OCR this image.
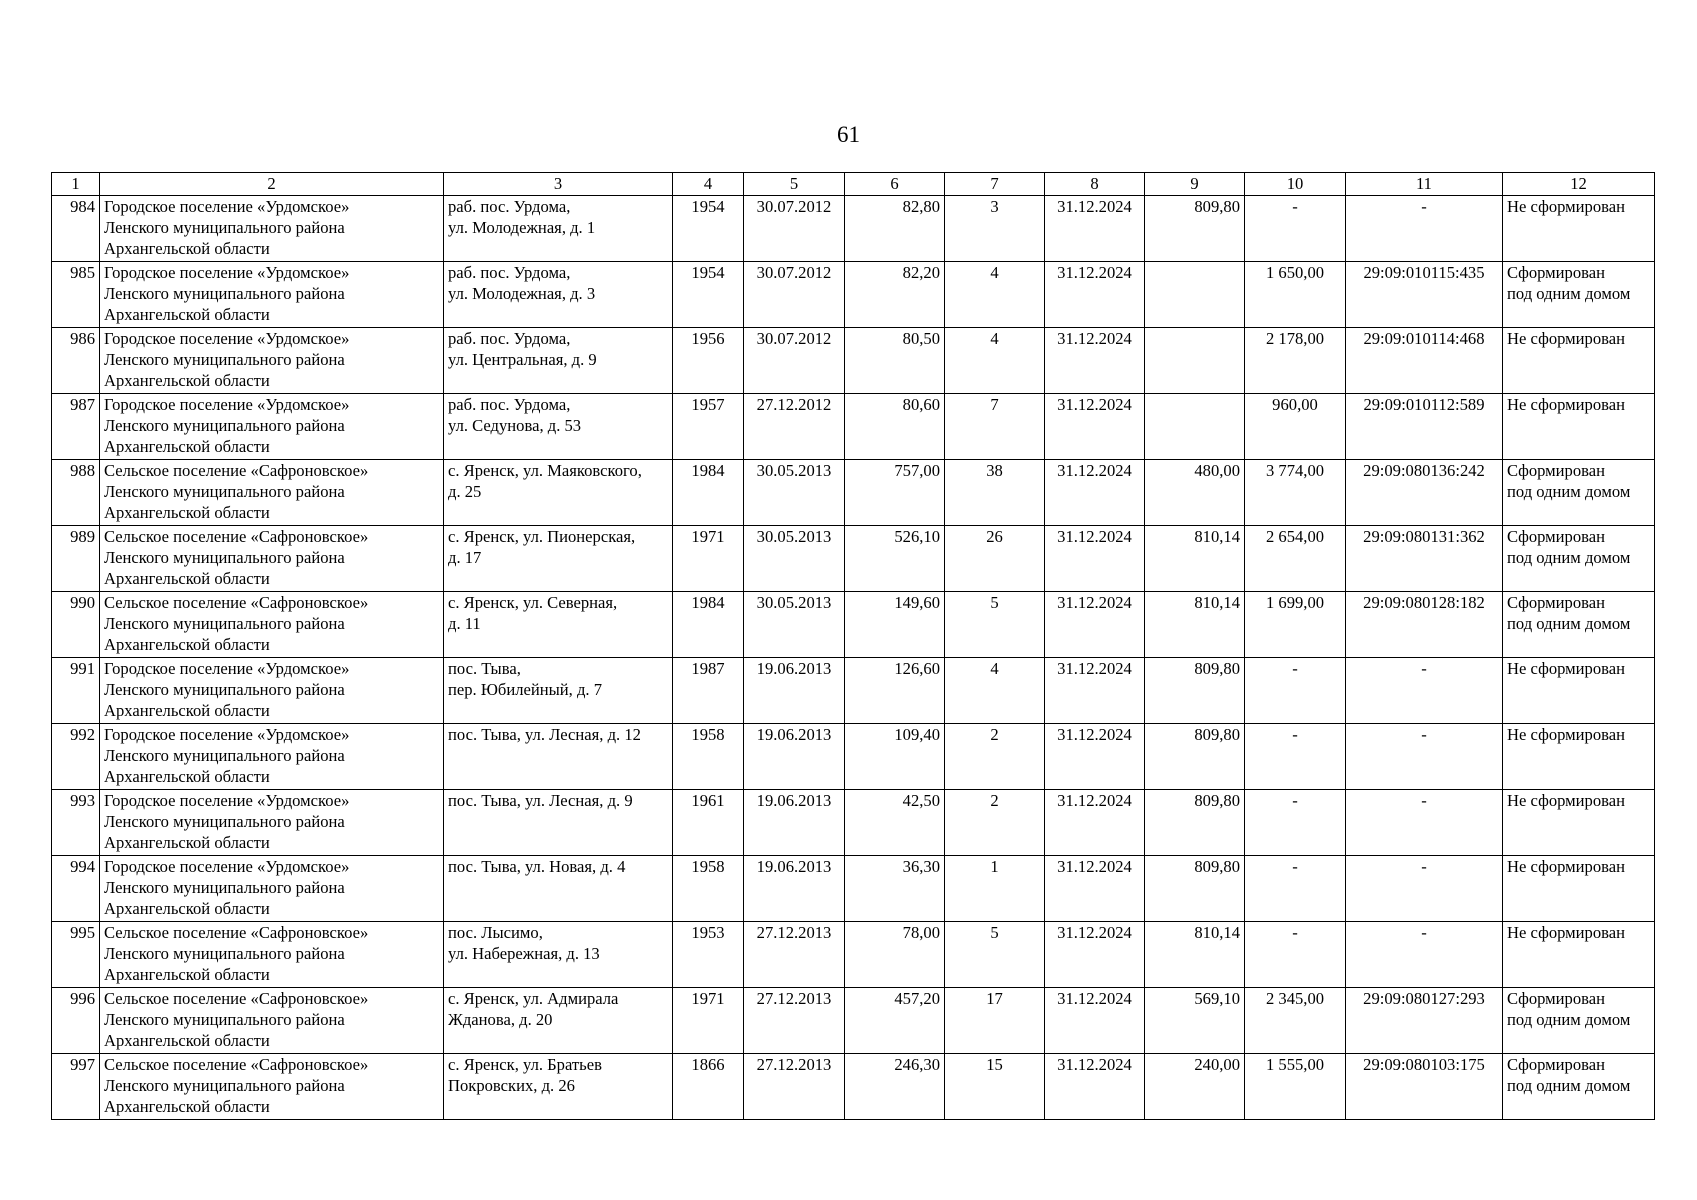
61
1	2	3	4	5	6	7	8	9	10	11	12
984	Городское поселение «Урдомское»
Ленского муниципального района
Архангельской области	раб. пос. Урдома,
ул. Молодежная, д. 1	1954	30.07.2012	82,80	3	31.12.2024	809,80	-	-	Не сформирован

985	Городское поселение «Урдомское»
Ленского муниципального района
Архангельской области	раб. пос. Урдома,
ул. Молодежная, д. 3	1954	30.07.2012	82,20	4	31.12.2024		1 650,00	29:09:010115:435	Сформирован
под одним домом

986	Городское поселение «Урдомское»
Ленского муниципального района
Архангельской области	раб. пос. Урдома,
ул. Центральная, д. 9	1956	30.07.2012	80,50	4	31.12.2024		2 178,00	29:09:010114:468	Не сформирован

987	Городское поселение «Урдомское»
Ленского муниципального района
Архангельской области	раб. пос. Урдома,
ул. Седунова, д. 53	1957	27.12.2012	80,60	7	31.12.2024		960,00	29:09:010112:589	Не сформирован

988	Сельское поселение «Сафроновское»
Ленского муниципального района
Архангельской области	с. Яренск, ул. Маяковского,
д. 25	1984	30.05.2013	757,00	38	31.12.2024	480,00	3 774,00	29:09:080136:242	Сформирован
под одним домом

989	Сельское поселение «Сафроновское»
Ленского муниципального района
Архангельской области	с. Яренск, ул. Пионерская,
д. 17	1971	30.05.2013	526,10	26	31.12.2024	810,14	2 654,00	29:09:080131:362	Сформирован
под одним домом

990	Сельское поселение «Сафроновское»
Ленского муниципального района
Архангельской области	с. Яренск, ул. Северная,
д. 11	1984	30.05.2013	149,60	5	31.12.2024	810,14	1 699,00	29:09:080128:182	Сформирован
под одним домом

991	Городское поселение «Урдомское»
Ленского муниципального района
Архангельской области	пос. Тыва,
пер. Юбилейный, д. 7	1987	19.06.2013	126,60	4	31.12.2024	809,80	-	-	Не сформирован

992	Городское поселение «Урдомское»
Ленского муниципального района
Архангельской области	пос. Тыва, ул. Лесная, д. 12	1958	19.06.2013	109,40	2	31.12.2024	809,80	-	-	Не сформирован

993	Городское поселение «Урдомское»
Ленского муниципального района
Архангельской области	пос. Тыва, ул. Лесная, д. 9	1961	19.06.2013	42,50	2	31.12.2024	809,80	-	-	Не сформирован

994	Городское поселение «Урдомское»
Ленского муниципального района
Архангельской области	пос. Тыва, ул. Новая, д. 4	1958	19.06.2013	36,30	1	31.12.2024	809,80	-	-	Не сформирован

995	Сельское поселение «Сафроновское»
Ленского муниципального района
Архангельской области	пос. Лысимо,
ул. Набережная, д. 13	1953	27.12.2013	78,00	5	31.12.2024	810,14	-	-	Не сформирован

996	Сельское поселение «Сафроновское»
Ленского муниципального района
Архангельской области	с. Яренск, ул. Адмирала
Жданова, д. 20	1971	27.12.2013	457,20	17	31.12.2024	569,10	2 345,00	29:09:080127:293	Сформирован
под одним домом

997	Сельское поселение «Сафроновское»
Ленского муниципального района
Архангельской области	с. Яренск, ул. Братьев
Покровских, д. 26	1866	27.12.2013	246,30	15	31.12.2024	240,00	1 555,00	29:09:080103:175	Сформирован
под одним домом
